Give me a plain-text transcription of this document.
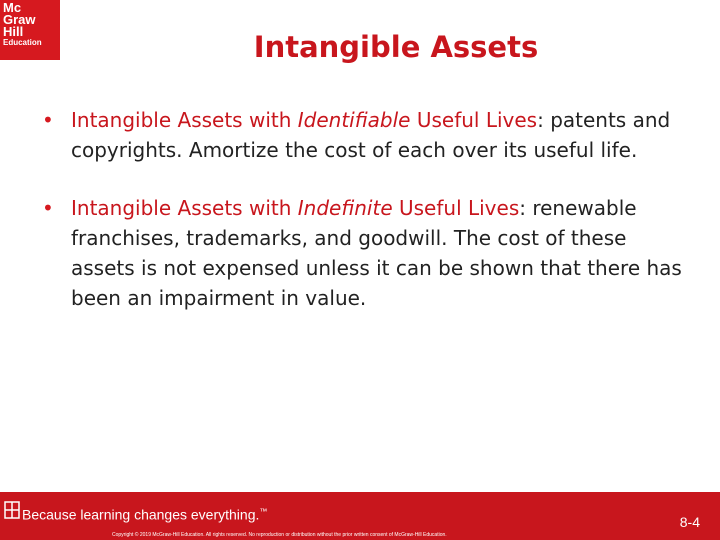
Mc
Graw
Hill
Education	Intangible Assets
• Intangible Assets with Identifiable Useful Lives: patents and copyrights. Amortize the cost of each over its useful life.
• Intangible Assets with Indefinite Useful Lives: renewable franchises, trademarks, and goodwill. The cost of these assets is not expensed unless it can be shown that there has been an impairment in value.
Because learning changes everything.™
Copyright © 2019 McGraw-Hill Education. All rights reserved. No reproduction or distribution without the prior written consent of McGraw-Hill Education.
8-4
